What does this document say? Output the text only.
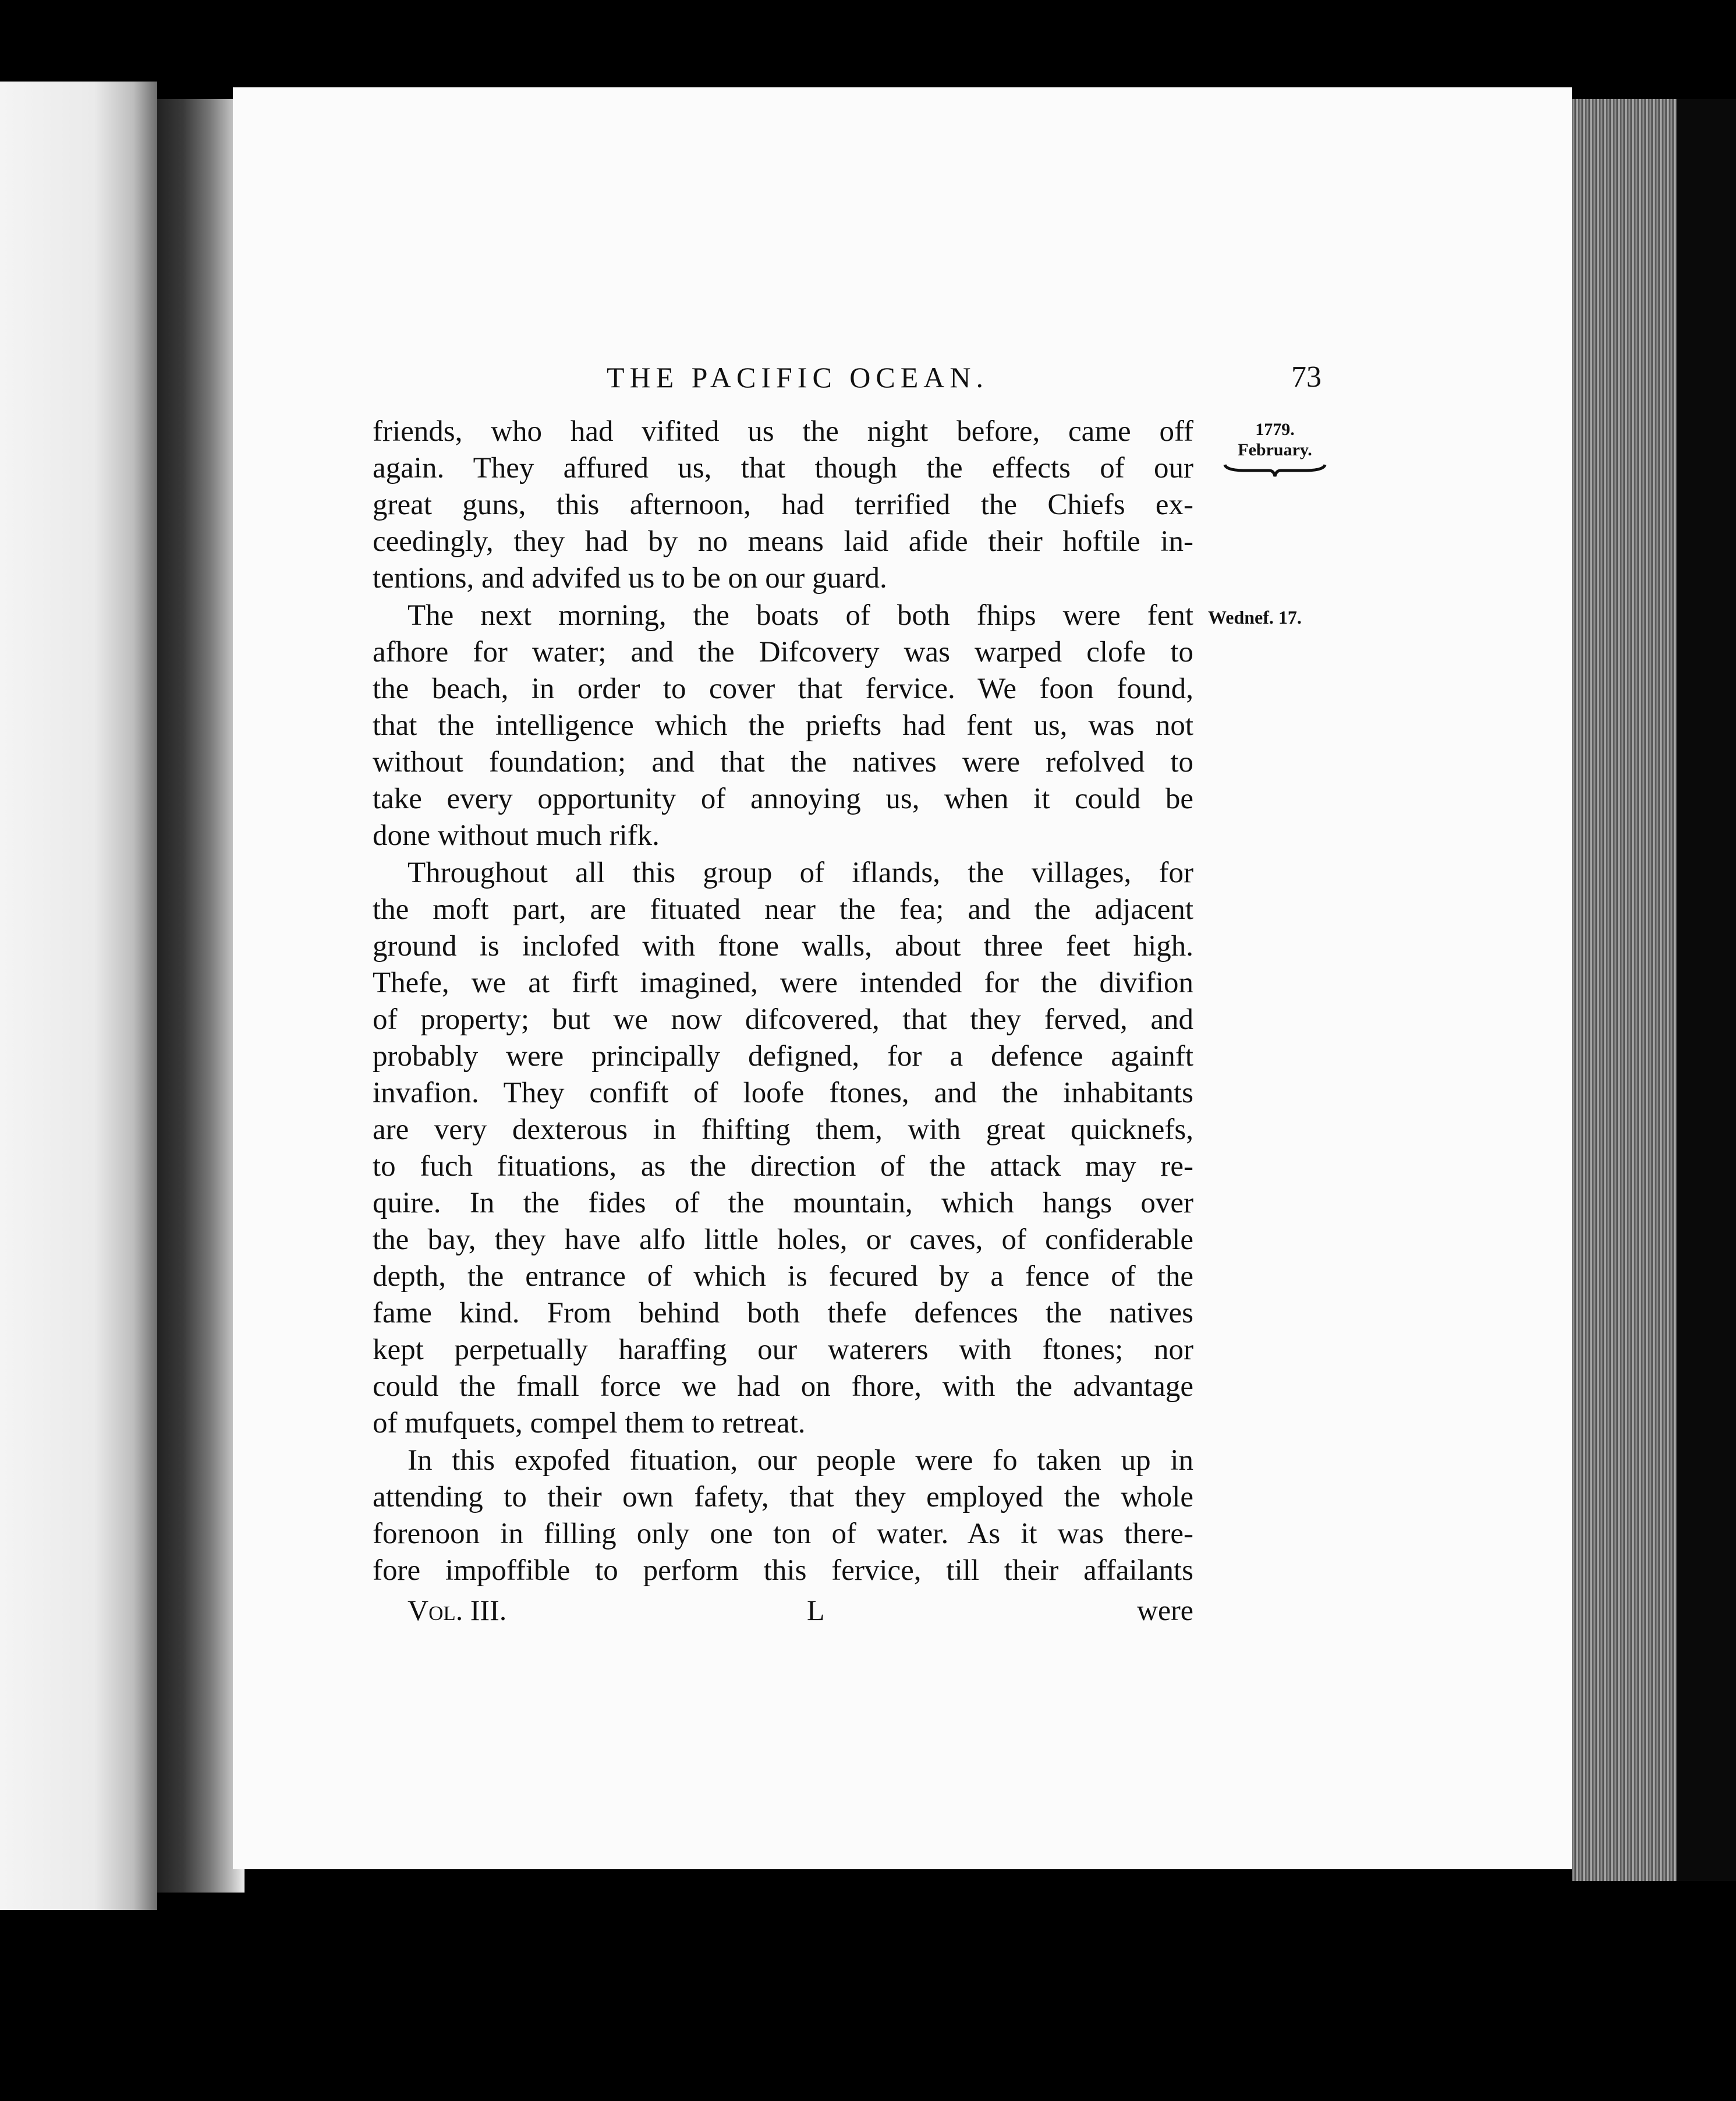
THE PACIFIC OCEAN.	73
1779.
February.
Wednef. 17.
friends, who had vifited us the night before, came off
again. They affured us, that though the effects of our
great guns, this afternoon, had terrified the Chiefs ex-
ceedingly, they had by no means laid afide their hoftile in-
tentions, and advifed us to be on our guard.
The next morning, the boats of both fhips were fent
afhore for water; and the Difcovery was warped clofe to
the beach, in order to cover that fervice. We foon found,
that the intelligence which the priefts had fent us, was not
without foundation; and that the natives were refolved to
take every opportunity of annoying us, when it could be
done without much rifk.
Throughout all this group of iflands, the villages, for
the moft part, are fituated near the fea; and the adjacent
ground is inclofed with ftone walls, about three feet high.
Thefe, we at firft imagined, were intended for the divifion
of property; but we now difcovered, that they ferved, and
probably were principally defigned, for a defence againft
invafion. They confift of loofe ftones, and the inhabitants
are very dexterous in fhifting them, with great quicknefs,
to fuch fituations, as the direction of the attack may re-
quire. In the fides of the mountain, which hangs over
the bay, they have alfo little holes, or caves, of confiderable
depth, the entrance of which is fecured by a fence of the
fame kind. From behind both thefe defences the natives
kept perpetually haraffing our waterers with ftones; nor
could the fmall force we had on fhore, with the advantage
of mufquets, compel them to retreat.
In this expofed fituation, our people were fo taken up in
attending to their own fafety, that they employed the whole
forenoon in filling only one ton of water. As it was there-
fore impoffible to perform this fervice, till their affailants
Vol. III.	L	were
